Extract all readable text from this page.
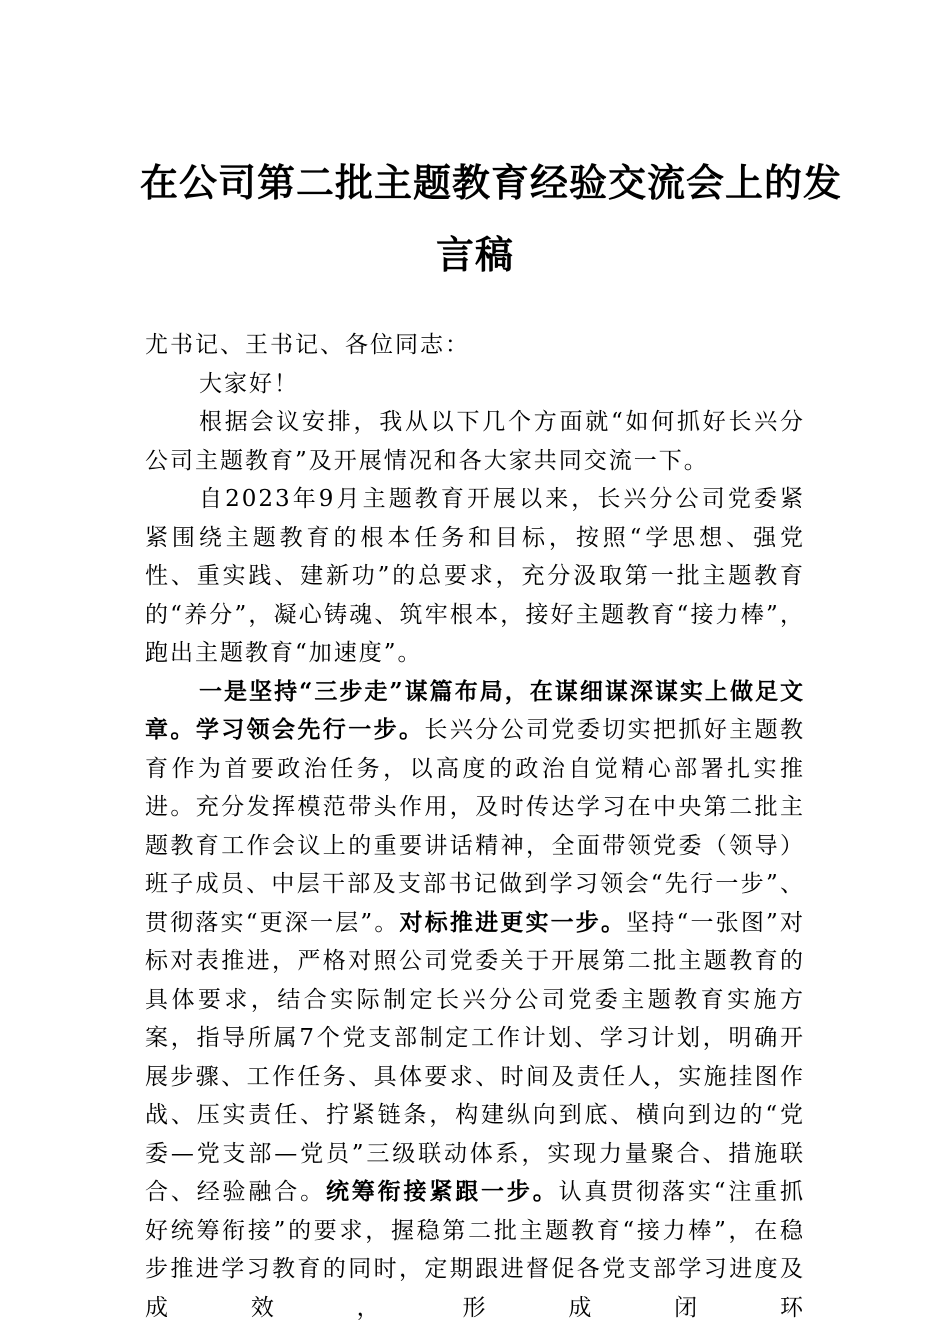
在公司第二批主题教育经验交流会上的发
言稿

尤书记、王书记、各位同志：

大家好！

根据会议安排，我从以下几个方面就“如何抓好长兴分公司主题教育”及开展情况和各大家共同交流一下。

自2023年9月主题教育开展以来，长兴分公司党委紧紧围绕主题教育的根本任务和目标，按照“学思想、强党性、重实践、建新功”的总要求，充分汲取第一批主题教育的“养分”，凝心铸魂、筑牢根本，接好主题教育“接力棒”，跑出主题教育“加速度”。

一是坚持“三步走”谋篇布局，在谋细谋深谋实上做足文章。学习领会先行一步。长兴分公司党委切实把抓好主题教育作为首要政治任务，以高度的政治自觉精心部署扎实推进。充分发挥模范带头作用，及时传达学习在中央第二批主题教育工作会议上的重要讲话精神，全面带领党委（领导）班子成员、中层干部及支部书记做到学习领会“先行一步”、贯彻落实“更深一层”。对标推进更实一步。坚持“一张图”对标对表推进，严格对照公司党委关于开展第二批主题教育的具体要求，结合实际制定长兴分公司党委主题教育实施方案，指导所属7个党支部制定工作计划、学习计划，明确开展步骤、工作任务、具体要求、时间及责任人，实施挂图作战、压实责任、拧紧链条，构建纵向到底、横向到边的“党委—党支部—党员”三级联动体系，实现力量聚合、措施联合、经验融合。统筹衔接紧跟一步。认真贯彻落实“注重抓好统筹衔接”的要求，握稳第二批主题教育“接力棒”，在稳步推进学习教育的同时，定期跟进督促各党支部学习进度及成效，形成闭环
